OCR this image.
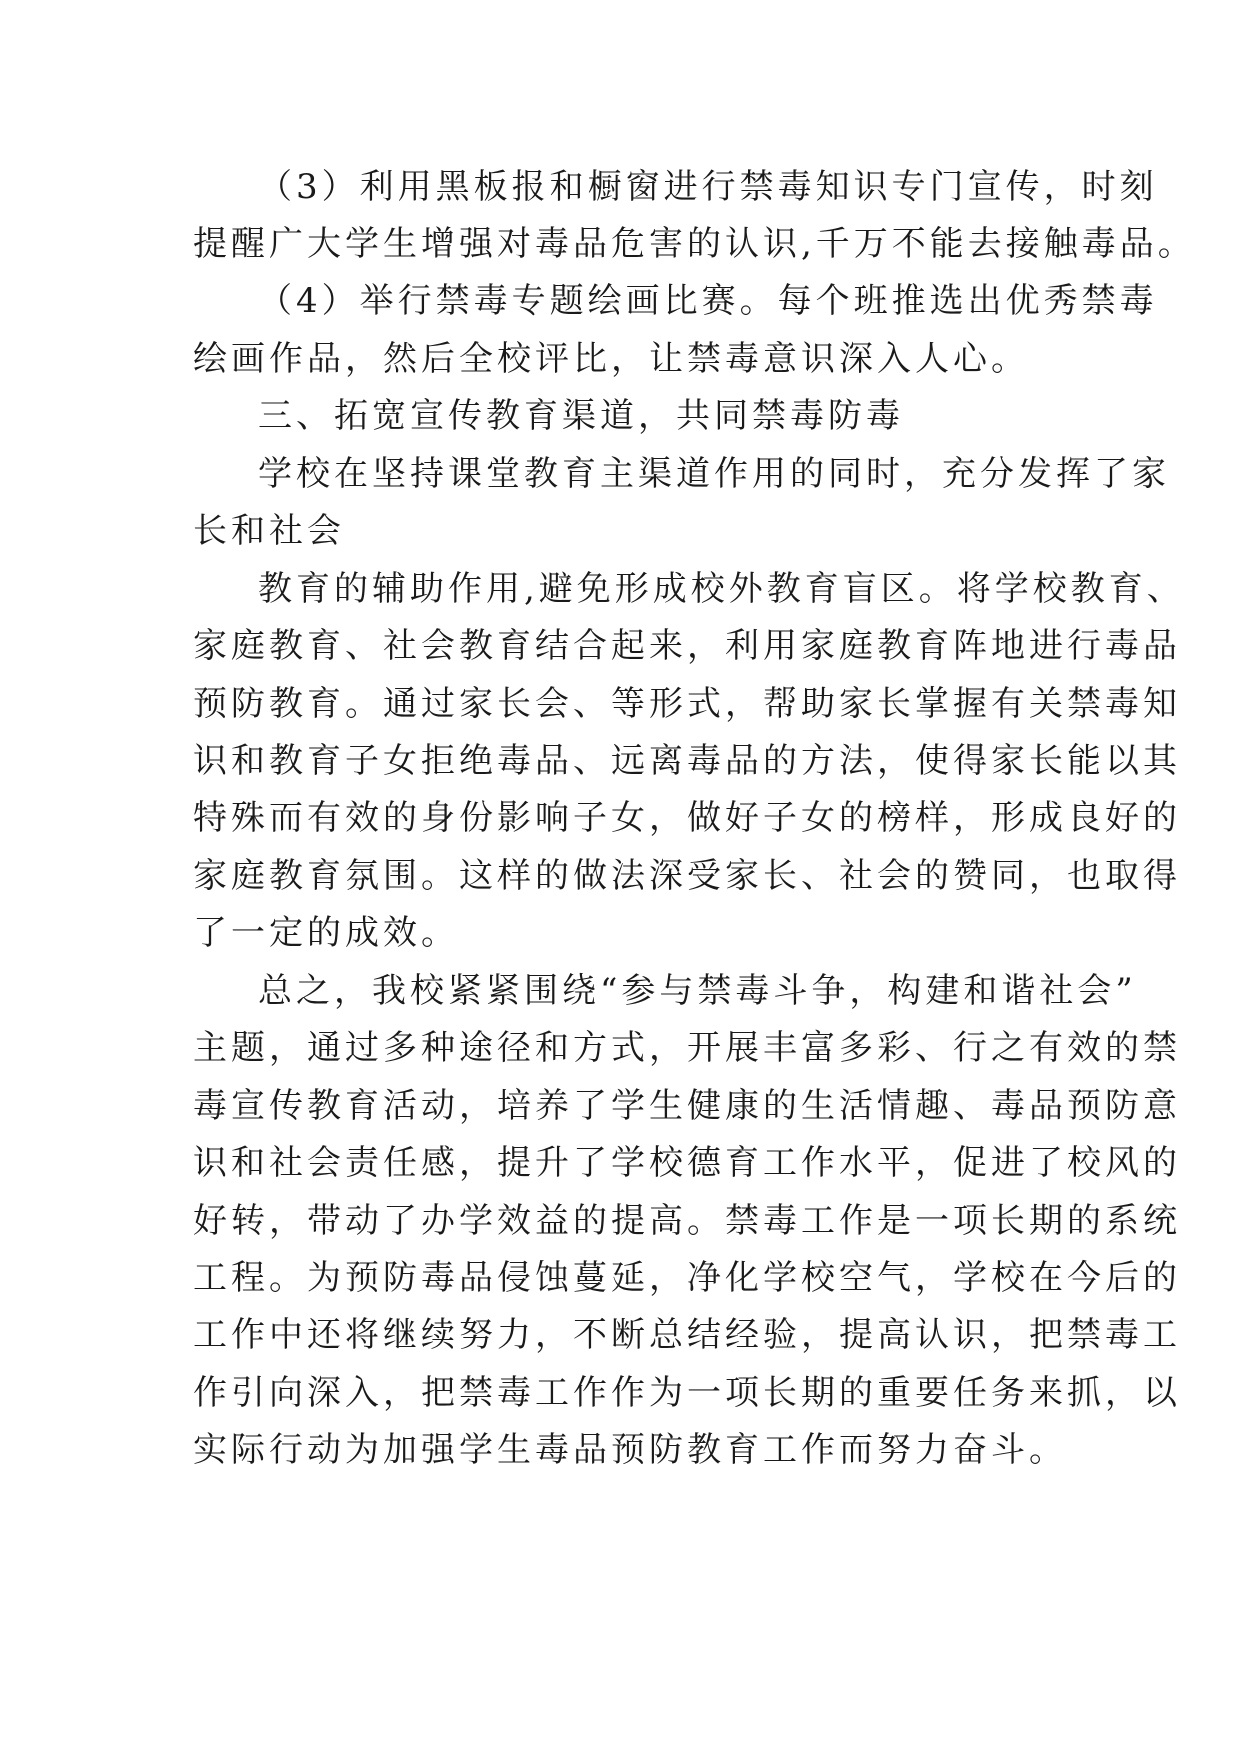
（3）利用黑板报和橱窗进行禁毒知识专门宣传，时刻
提醒广大学生增强对毒品危害的认识,千万不能去接触毒品。
（4）举行禁毒专题绘画比赛。每个班推选出优秀禁毒
绘画作品，然后全校评比，让禁毒意识深入人心。
三、拓宽宣传教育渠道，共同禁毒防毒
学校在坚持课堂教育主渠道作用的同时，充分发挥了家
长和社会
教育的辅助作用,避免形成校外教育盲区。将学校教育、
家庭教育、社会教育结合起来，利用家庭教育阵地进行毒品
预防教育。通过家长会、等形式，帮助家长掌握有关禁毒知
识和教育子女拒绝毒品、远离毒品的方法，使得家长能以其
特殊而有效的身份影响子女，做好子女的榜样，形成良好的
家庭教育氛围。这样的做法深受家长、社会的赞同，也取得
了一定的成效。
总之，我校紧紧围绕“参与禁毒斗争，构建和谐社会”
主题，通过多种途径和方式，开展丰富多彩、行之有效的禁
毒宣传教育活动，培养了学生健康的生活情趣、毒品预防意
识和社会责任感，提升了学校德育工作水平，促进了校风的
好转，带动了办学效益的提高。禁毒工作是一项长期的系统
工程。为预防毒品侵蚀蔓延，净化学校空气，学校在今后的
工作中还将继续努力，不断总结经验，提高认识，把禁毒工
作引向深入，把禁毒工作作为一项长期的重要任务来抓，以
实际行动为加强学生毒品预防教育工作而努力奋斗。
